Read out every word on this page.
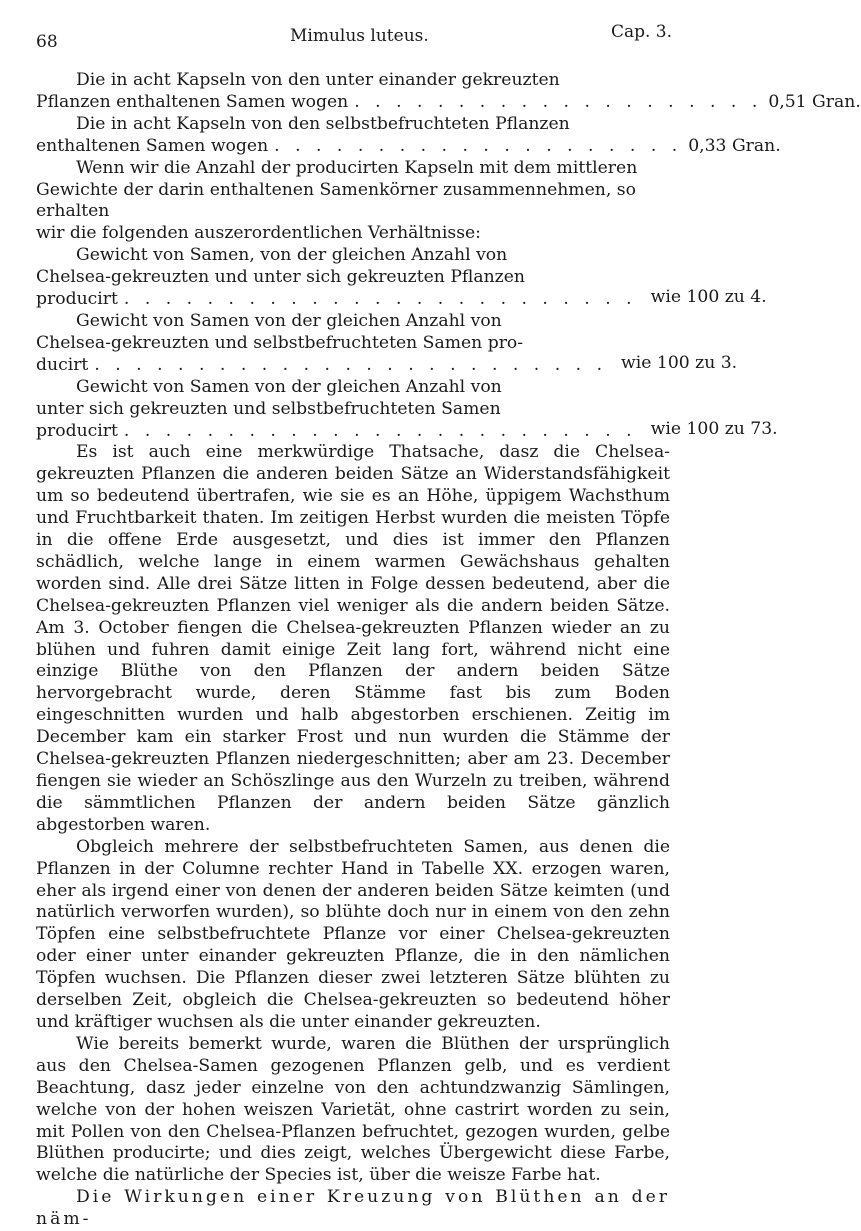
68	Mimulus luteus.	Cap. 3.
Die in acht Kapseln von den unter einander gekreuzten
Pflanzen enthaltenen Samen wogen . . . . . . . . . . . . . . . . . . . . 0,51 Gran.
Die in acht Kapseln von den selbstbefruchteten Pflanzen
enthaltenen Samen wogen . . . . . . . . . . . . . . . . . . . . 0,33 Gran.
Wenn wir die Anzahl der producirten Kapseln mit dem mittleren
Gewichte der darin enthaltenen Samenkörner zusammennehmen, so erhalten
wir die folgenden auszerordentlichen Verhältnisse:
Gewicht von Samen, von der gleichen Anzahl von
Chelsea-gekreuzten und unter sich gekreuzten Pflanzen
producirt . . . . . . . . . . . . . . . . . . . . . . . . . wie 100 zu 4.
Gewicht von Samen von der gleichen Anzahl von
Chelsea-gekreuzten und selbstbefruchteten Samen pro-
ducirt . . . . . . . . . . . . . . . . . . . . . . . . . wie 100 zu 3.
Gewicht von Samen von der gleichen Anzahl von
unter sich gekreuzten und selbstbefruchteten Samen
producirt . . . . . . . . . . . . . . . . . . . . . . . . . wie 100 zu 73.

Es ist auch eine merkwürdige Thatsache, dasz die Chelsea-gekreuzten Pflanzen die anderen beiden Sätze an Widerstandsfähigkeit um so bedeutend übertrafen, wie sie es an Höhe, üppigem Wachsthum und Fruchtbarkeit thaten. Im zeitigen Herbst wurden die meisten Töpfe in die offene Erde ausgesetzt, und dies ist immer den Pflanzen schädlich, welche lange in einem warmen Gewächshaus gehalten worden sind. Alle drei Sätze litten in Folge dessen bedeutend, aber die Chelsea-gekreuzten Pflanzen viel weniger als die andern beiden Sätze. Am 3. October fiengen die Chelsea-gekreuzten Pflanzen wieder an zu blühen und fuhren damit einige Zeit lang fort, während nicht eine einzige Blüthe von den Pflanzen der andern beiden Sätze hervorgebracht wurde, deren Stämme fast bis zum Boden eingeschnitten wurden und halb abgestorben erschienen. Zeitig im December kam ein starker Frost und nun wurden die Stämme der Chelsea-gekreuzten Pflanzen niedergeschnitten; aber am 23. December fiengen sie wieder an Schöszlinge aus den Wurzeln zu treiben, während die sämmtlichen Pflanzen der andern beiden Sätze gänzlich abgestorben waren.

Obgleich mehrere der selbstbefruchteten Samen, aus denen die Pflanzen in der Columne rechter Hand in Tabelle XX. erzogen waren, eher als irgend einer von denen der anderen beiden Sätze keimten (und natürlich verworfen wurden), so blühte doch nur in einem von den zehn Töpfen eine selbstbefruchtete Pflanze vor einer Chelsea-gekreuzten oder einer unter einander gekreuzten Pflanze, die in den nämlichen Töpfen wuchsen. Die Pflanzen dieser zwei letzteren Sätze blühten zu derselben Zeit, obgleich die Chelsea-gekreuzten so bedeutend höher und kräftiger wuchsen als die unter einander gekreuzten.

Wie bereits bemerkt wurde, waren die Blüthen der ursprünglich aus den Chelsea-Samen gezogenen Pflanzen gelb, und es verdient Beachtung, dasz jeder einzelne von den achtundzwanzig Sämlingen, welche von der hohen weiszen Varietät, ohne castrirt worden zu sein, mit Pollen von den Chelsea-Pflanzen befruchtet, gezogen wurden, gelbe Blüthen producirte; und dies zeigt, welches Übergewicht diese Farbe, welche die natürliche der Species ist, über die weisze Farbe hat.

Die Wirkungen einer Kreuzung von Blüthen an der näm-
